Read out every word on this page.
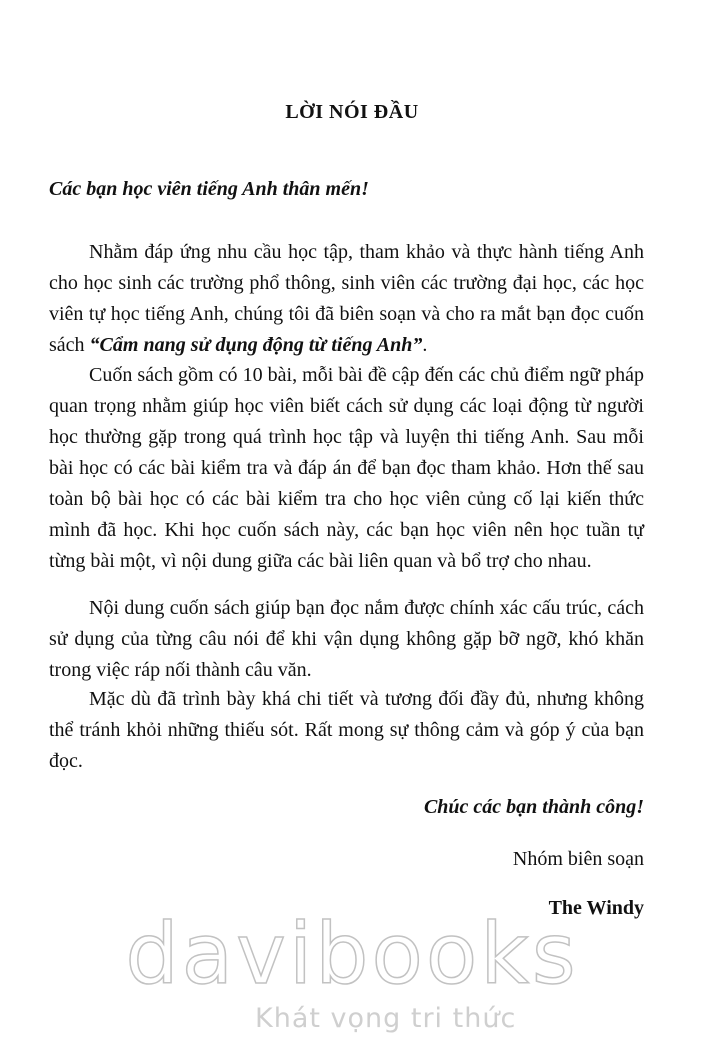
LỜI NÓI ĐẦU
Các bạn học viên tiếng Anh thân mến!

Nhằm đáp ứng nhu cầu học tập, tham khảo và thực hành tiếng Anh cho học sinh các trường phổ thông, sinh viên các trường đại học, các học viên tự học tiếng Anh, chúng tôi đã biên soạn và cho ra mắt bạn đọc cuốn sách “Cẩm nang sử dụng động từ tiếng Anh”.

Cuốn sách gồm có 10 bài, mỗi bài đề cập đến các chủ điểm ngữ pháp quan trọng nhằm giúp học viên biết cách sử dụng các loại động từ người học thường gặp trong quá trình học tập và luyện thi tiếng Anh. Sau mỗi bài học có các bài kiểm tra và đáp án để bạn đọc tham khảo. Hơn thế sau toàn bộ bài học có các bài kiểm tra cho học viên củng cố lại kiến thức mình đã học. Khi học cuốn sách này, các bạn học viên nên học tuần tự từng bài một, vì nội dung giữa các bài liên quan và bổ trợ cho nhau.

Nội dung cuốn sách giúp bạn đọc nắm được chính xác cấu trúc, cách sử dụng của từng câu nói để khi vận dụng không gặp bỡ ngỡ, khó khăn trong việc ráp nối thành câu văn.

Mặc dù đã trình bày khá chi tiết và tương đối đầy đủ, nhưng không thể tránh khỏi những thiếu sót. Rất mong sự thông cảm và góp ý của bạn đọc.

Chúc các bạn thành công!
Nhóm biên soạn
The Windy
davibooks
Khát vọng tri thức
